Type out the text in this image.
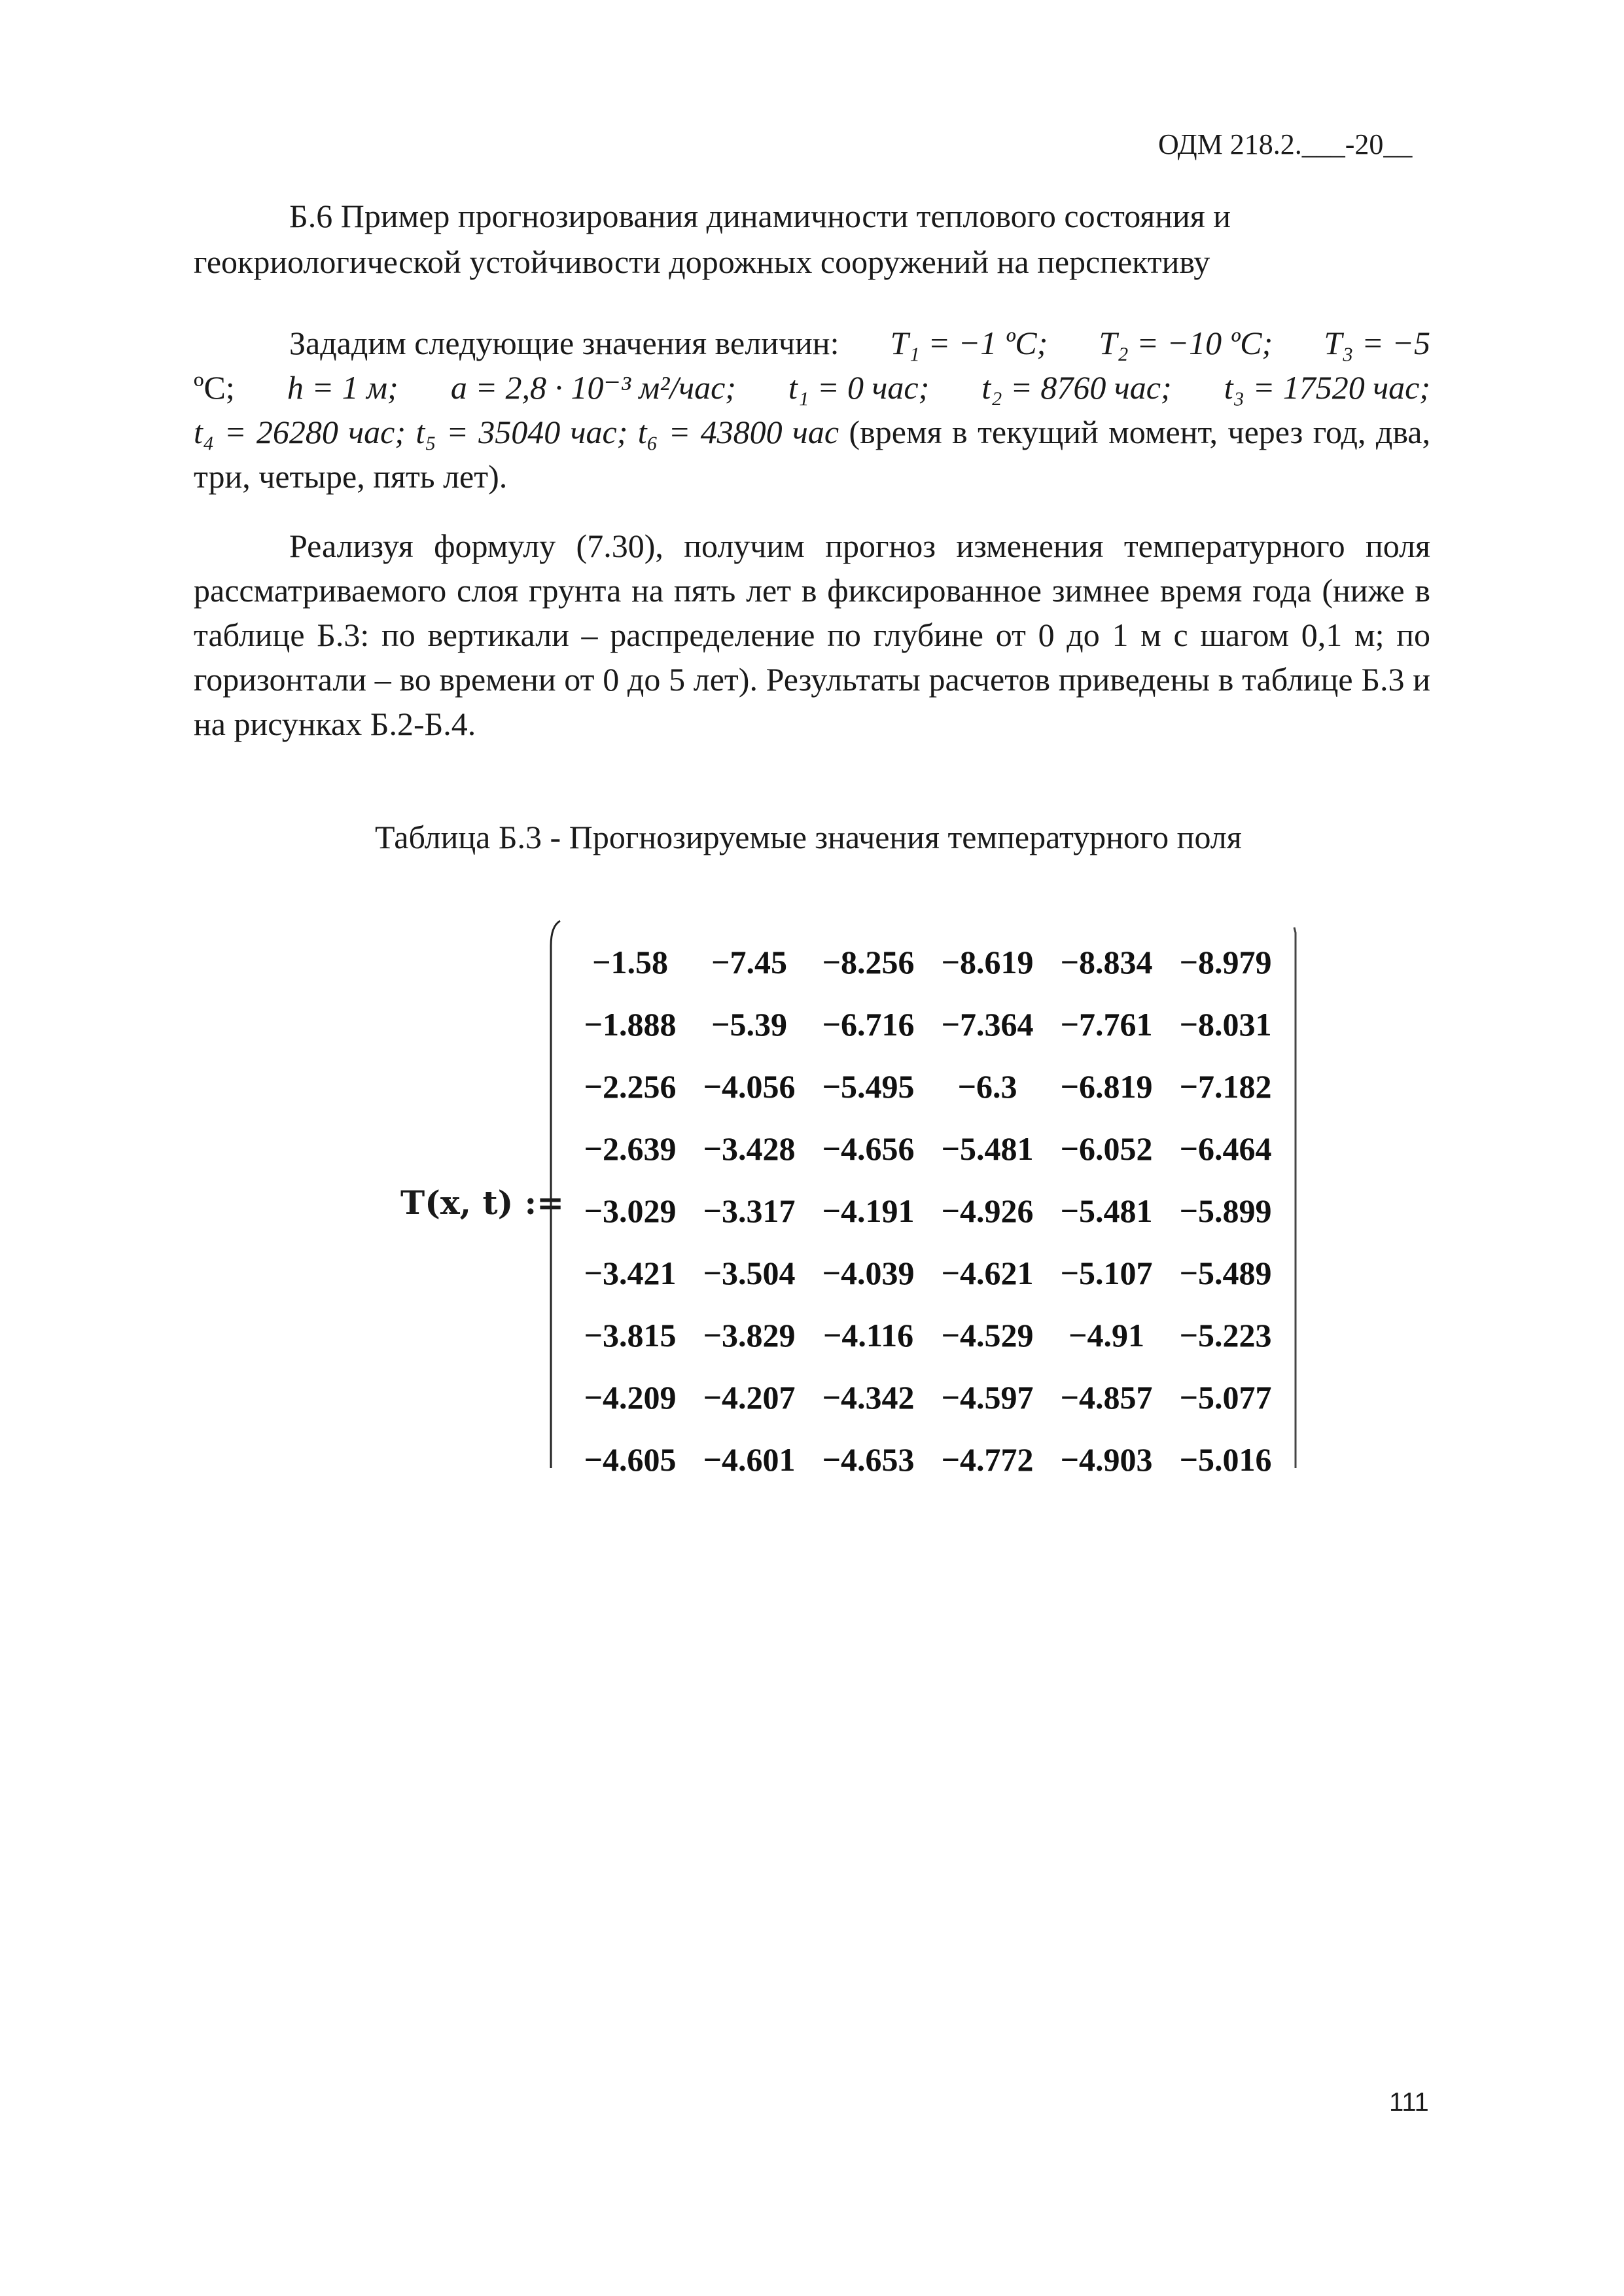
ОДМ 218.2.___-20__
Б.6 Пример прогнозирования динамичности теплового состояния и
геокриологической устойчивости дорожных сооружений на перспективу
Зададим следующие значения величин: T₁ = −1 ºC; T₂ = −10 ºC; T₃ = −5
ºC; h = 1 м; a = 2,8 · 10⁻³ м²/час; t₁ = 0 час; t₂ = 8760 час; t₃ = 17520 час;
t₄ = 26280 час; t₅ = 35040 час; t₆ = 43800 час (время в текущий момент, через год, два, три, четыре, пять лет).
Реализуя формулу (7.30), получим прогноз изменения температурного поля рассматриваемого слоя грунта на пять лет в фиксированное зимнее время года (ниже в таблице Б.3: по вертикали – распределение по глубине от 0 до 1 м с шагом 0,1 м; по горизонтали – во времени от 0 до 5 лет). Результаты расчетов приведены в таблице Б.3 и на рисунках Б.2-Б.4.
Таблица Б.3 - Прогнозируемые значения температурного поля
T(x, t) :=
−1.58	−7.45	−8.256 −8.619 −8.834 −8.979
−1.888	−5.39	−6.716 −7.364 −7.761 −8.031
−2.256 −4.056 −5.495	−6.3	−6.819 −7.182
−2.639 −3.428 −4.656 −5.481 −6.052 −6.464
−3.029 −3.317 −4.191 −4.926 −5.481 −5.899
−3.421 −3.504 −4.039 −4.621 −5.107 −5.489
−3.815 −3.829 −4.116 −4.529	−4.91	−5.223
−4.209 −4.207 −4.342 −4.597 −4.857 −5.077
−4.605 −4.601 −4.653 −4.772 −4.903 −5.016
111
